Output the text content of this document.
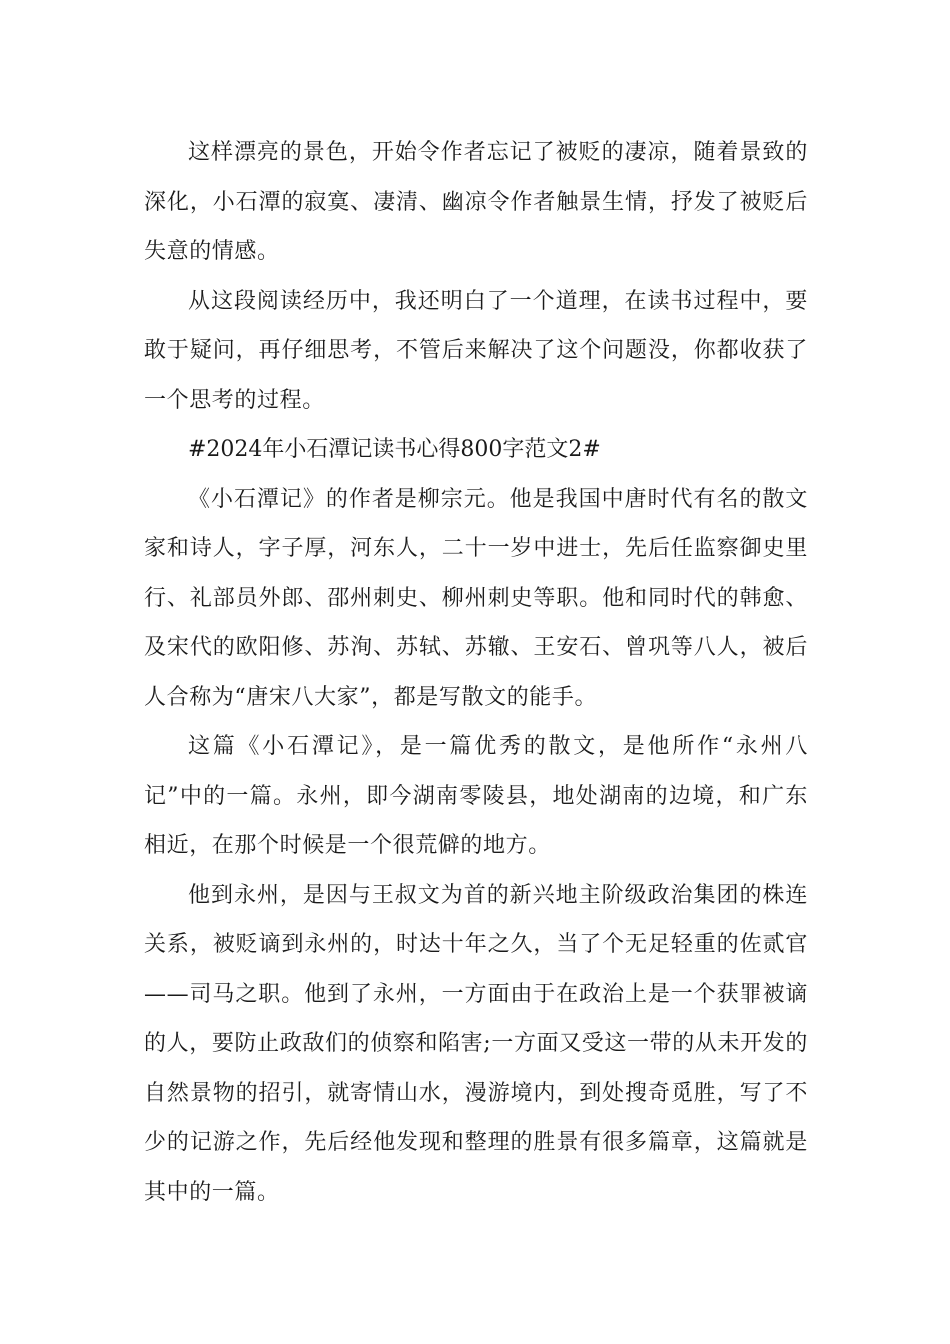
这样漂亮的景色，开始令作者忘记了被贬的凄凉，随着景致的深化，小石潭的寂寞、凄清、幽凉令作者触景生情，抒发了被贬后失意的情感。

从这段阅读经历中，我还明白了一个道理，在读书过程中，要敢于疑问，再仔细思考，不管后来解决了这个问题没，你都收获了一个思考的过程。

#2024年小石潭记读书心得800字范文2#

《小石潭记》的作者是柳宗元。他是我国中唐时代有名的散文家和诗人，字子厚，河东人，二十一岁中进士，先后任监察御史里行、礼部员外郎、邵州刺史、柳州刺史等职。他和同时代的韩愈、及宋代的欧阳修、苏洵、苏轼、苏辙、王安石、曾巩等八人，被后人合称为“唐宋八大家”，都是写散文的能手。

这篇《小石潭记》，是一篇优秀的散文，是他所作“永州八记”中的一篇。永州，即今湖南零陵县，地处湖南的边境，和广东相近，在那个时候是一个很荒僻的地方。

他到永州，是因与王叔文为首的新兴地主阶级政治集团的株连关系，被贬谪到永州的，时达十年之久，当了个无足轻重的佐贰官——司马之职。他到了永州，一方面由于在政治上是一个获罪被谪的人，要防止政敌们的侦察和陷害;一方面又受这一带的从未开发的自然景物的招引，就寄情山水，漫游境内，到处搜奇觅胜，写了不少的记游之作，先后经他发现和整理的胜景有很多篇章，这篇就是其中的一篇。
